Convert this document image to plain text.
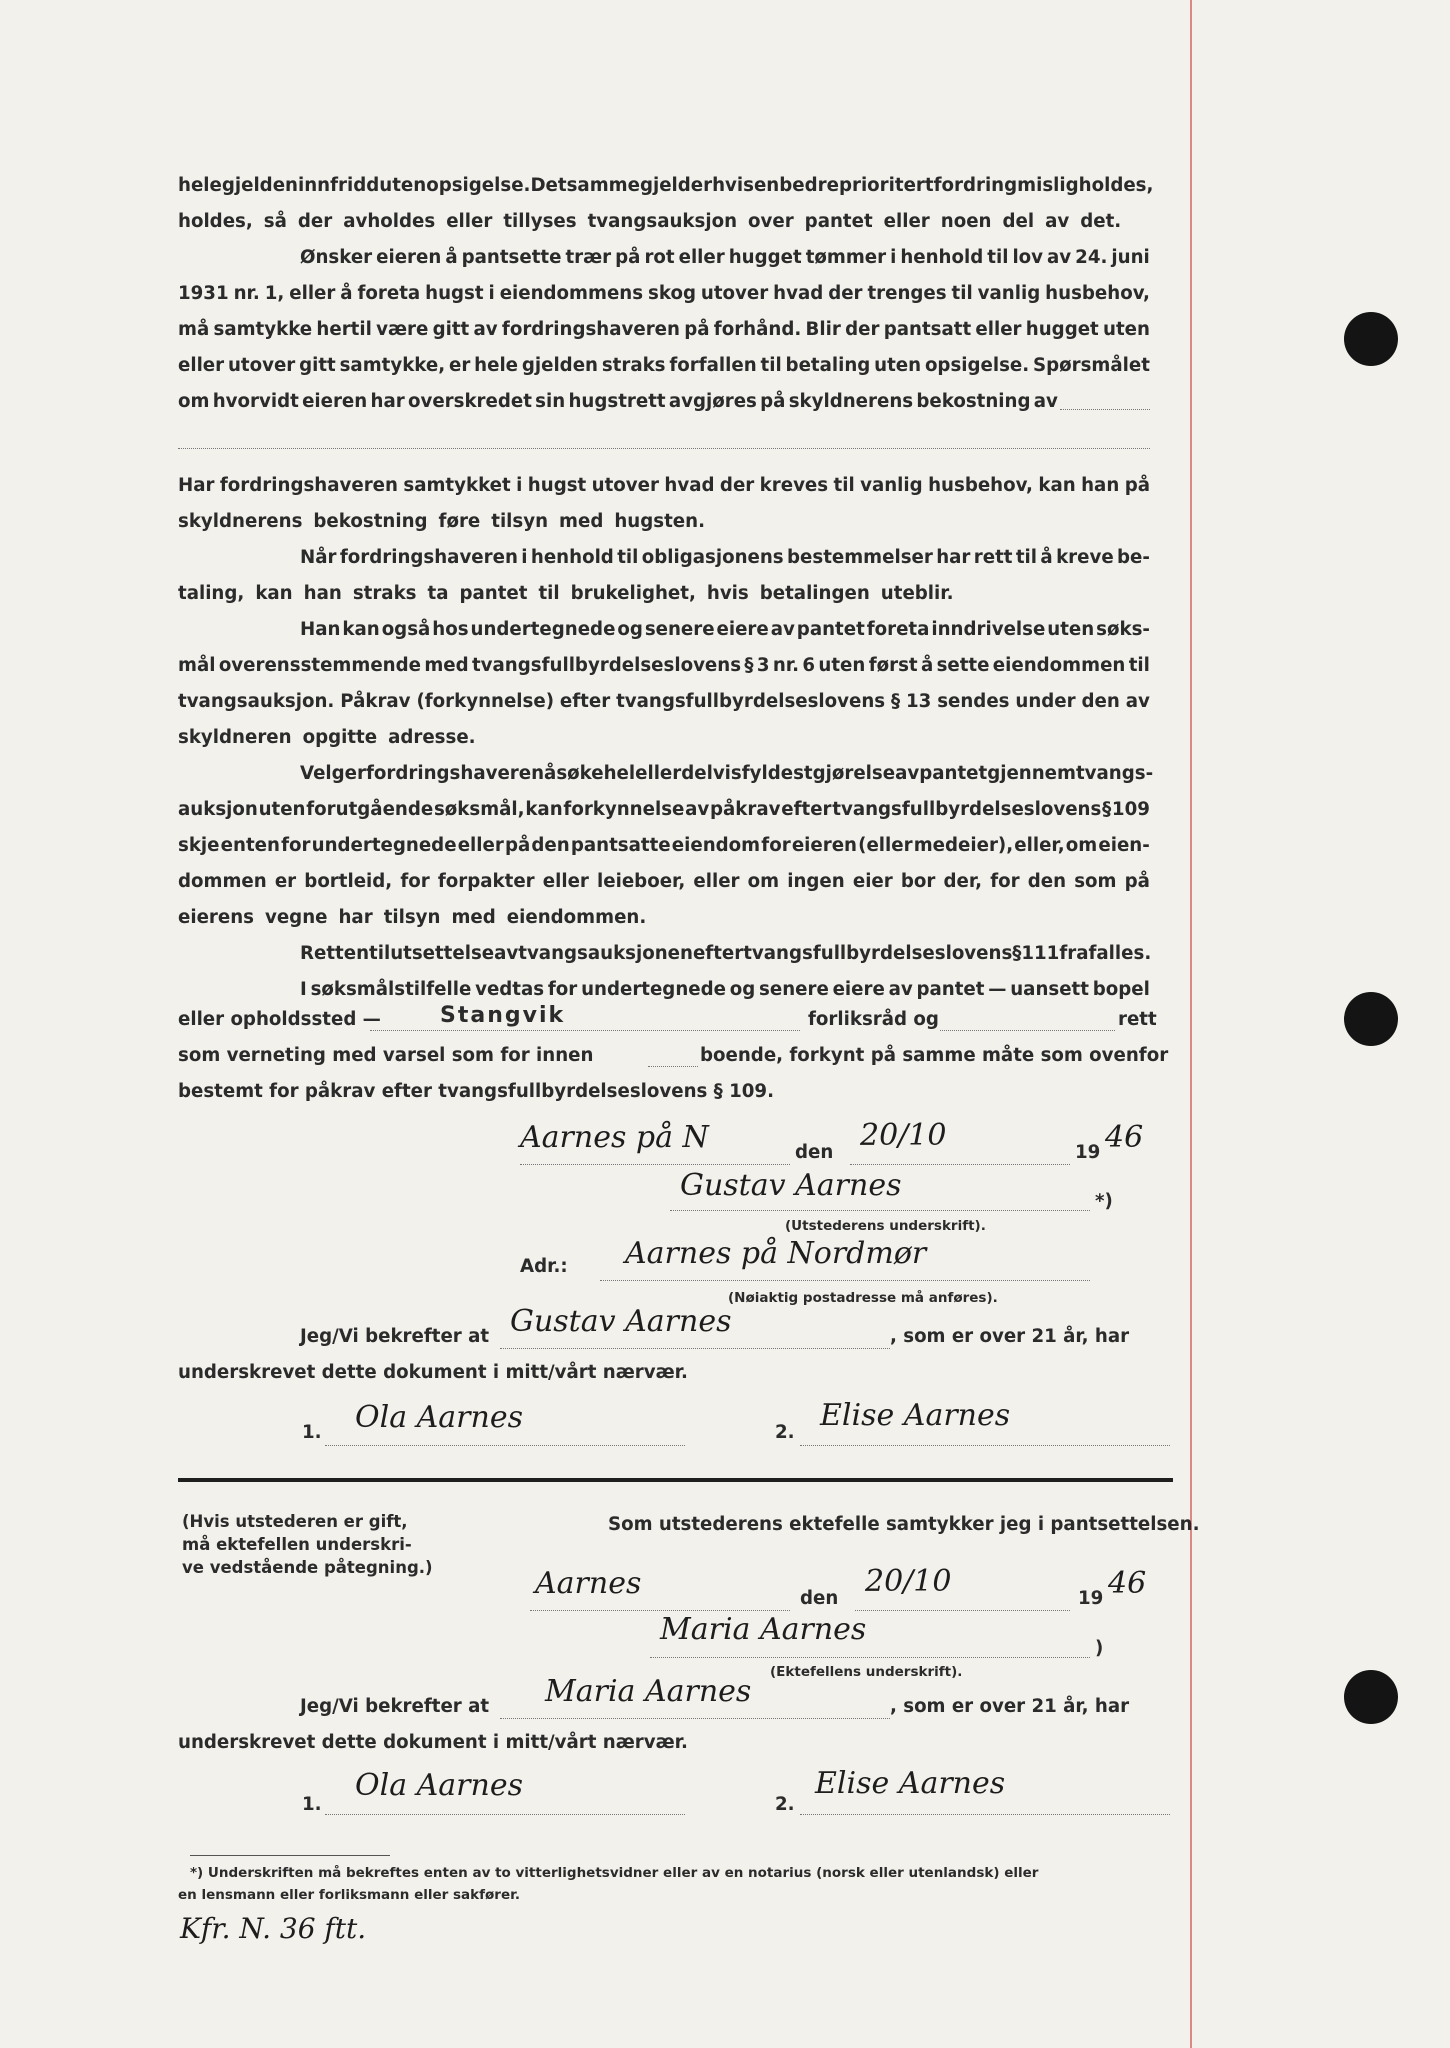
hele gjelden innfridd uten opsigelse. Det samme gjelder hvis en bedre prioritert fordring misligholdes,
holdes, så der avholdes eller tillyses tvangsauksjon over pantet eller noen del av det.
Ønsker eieren å pantsette trær på rot eller hugget tømmer i henhold til lov av 24. juni
1931 nr. 1, eller å foreta hugst i eiendommens skog utover hvad der trenges til vanlig husbehov,
må samtykke hertil være gitt av fordringshaveren på forhånd. Blir der pantsatt eller hugget uten
eller utover gitt samtykke, er hele gjelden straks forfallen til betaling uten opsigelse. Spørsmålet
om hvorvidt eieren har overskredet sin hugstrett avgjøres på skyldnerens bekostning av
Har fordringshaveren samtykket i hugst utover hvad der kreves til vanlig husbehov, kan han på
skyldnerens bekostning føre tilsyn med hugsten.
Når fordringshaveren i henhold til obligasjonens bestemmelser har rett til å kreve be-
taling, kan han straks ta pantet til brukelighet, hvis betalingen uteblir.
Han kan også hos undertegnede og senere eiere av pantet foreta inndrivelse uten søks-
mål overensstemmende med tvangsfullbyrdelseslovens § 3 nr. 6 uten først å sette eiendommen til
tvangsauksjon. Påkrav (forkynnelse) efter tvangsfullbyrdelseslovens § 13 sendes under den av
skyldneren opgitte adresse.
Velger fordringshaveren å søke hel eller delvis fyldestgjørelse av pantet gjennem tvangs-
auksjon uten forutgående søksmål, kan forkynnelse av påkrav efter tvangsfullbyrdelseslovens § 109
skje enten for undertegnede eller på den pantsatte eiendom for eieren (eller medeier), eller, om eien-
dommen er bortleid, for forpakter eller leieboer, eller om ingen eier bor der, for den som på
eierens vegne har tilsyn med eiendommen.
Retten til utsettelse av tvangsauksjonen efter tvangsfullbyrdelseslovens § 111 frafalles.
I søksmålstilfelle vedtas for undertegnede og senere eiere av pantet — uansett bopel
eller opholdssted —	Stangvik	forliksråd og	rett
som verneting med varsel som for innen	boende, forkynt på samme måte som ovenfor
bestemt for påkrav efter tvangsfullbyrdelseslovens § 109.
Aarnes på N	den 20/10	19 46
Gustav Aarnes	*)
(Utstederens underskrift).
Adr.: Aarnes på Nordmør
(Nøiaktig postadresse må anføres).
Jeg/Vi bekrefter at Gustav Aarnes	, som er over 21 år, har
underskrevet dette dokument i mitt/vårt nærvær.
1. Ola Aarnes	2. Elise Aarnes
(Hvis utstederen er gift,
må ektefellen underskri-
ve vedstående påtegning.)
Som utstederens ektefelle samtykker jeg i pantsettelsen.
Aarnes	den 20/10	19 46
Maria Aarnes
)
(Ektefellens underskrift).
Jeg/Vi bekrefter at Maria Aarnes	, som er over 21 år, har
underskrevet dette dokument i mitt/vårt nærvær.
1.
Ola Aarnes
2.
Elise Aarnes
*) Underskriften må bekreftes enten av to vitterlighetsvidner eller av en notarius (norsk eller utenlandsk) eller
en lensmann eller forliksmann eller sakfører.
Kfr. N. 36 ftt.
